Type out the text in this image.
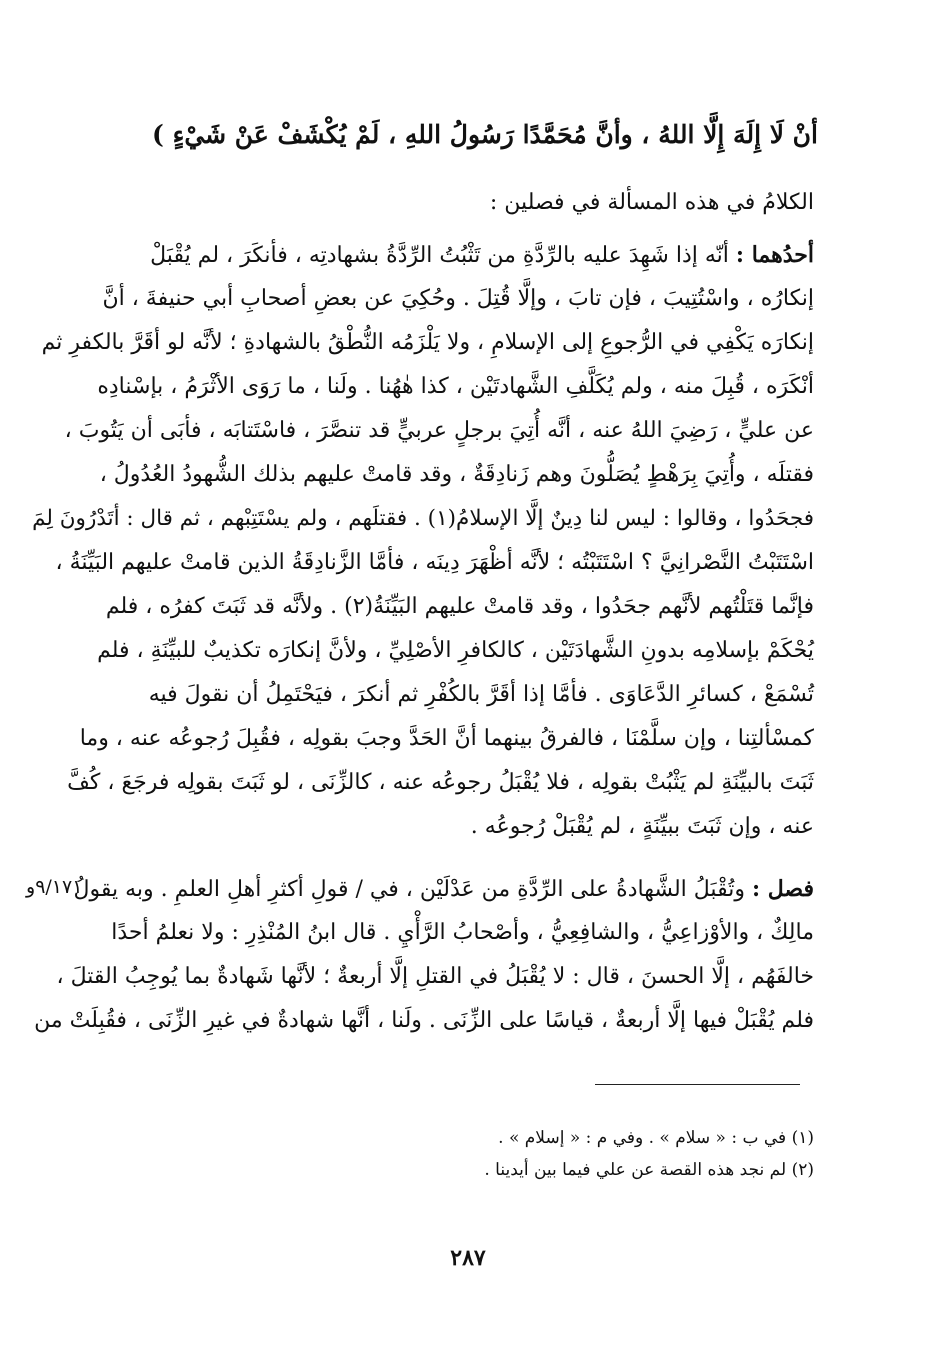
أنْ لَا إِلَهَ إِلَّا اللهُ ، وأنَّ مُحَمَّدًا رَسُولُ اللهِ ، لَمْ يُكْشَفْ عَنْ شَيْءٍ )
الكلامُ في هذه المسألة في فصلين :
أحدُهما : أنّه إذا شَهِدَ عليه بالرِّدَّةِ من تَثْبُتُ الرِّدَّةُ بشهادتِه ، فأنكَرَ ، لم يُقْبَلْ
إنكارُه ، واسْتُتِيبَ ، فإن تابَ ، وإلَّا قُتِلَ . وحُكِيَ عن بعضِ أصحابِ أبي حنيفةَ ، أنَّ
إنكارَه يَكْفِي في الرُّجوعِ إلى الإسلامِ ، ولا يَلْزَمُه النُّطْقُ بالشهادةِ ؛ لأنَّه لو أقَرَّ بالكفرِ ثم
أنْكَرَه ، قُبِلَ منه ، ولم يُكَلَّفِ الشَّهادتَيْن ، كذا هٰهُنا . ولَنا ، ما رَوَى الأثْرَمُ ، بإسْنادِه
عن عليٍّ ، رَضِيَ اللهُ عنه ، أنَّه أُتِيَ برجلٍ عربيٍّ قد تنصَّرَ ، فاسْتَتابَه ، فأبَى أن يَتُوبَ ،
فقتلَه ، وأُتِيَ بِرَهْطٍ يُصَلُّونَ وهم زَنادِقَةٌ ، وقد قامتْ عليهم بذلك الشُّهودُ العُدُولُ ،
فجحَدُوا ، وقالوا : ليس لنا دِينٌ إلَّا الإسلامُ(١) . فقتلَهم ، ولم يسْتَتِبْهم ، ثم قال : أتَدْرُونَ لِمَ
اسْتَتَبْتُ النَّصْرانِيَّ ؟ اسْتَتَبْتُه ؛ لأنَّه أظْهَرَ دِينَه ، فأمَّا الزَّنادِقَةُ الذين قامتْ عليهم البَيِّنَةُ ،
فإنَّما قتَلْتُهم لأنَّهم جحَدُوا ، وقد قامتْ عليهم البَيِّنَةُ(٢) . ولأنَّه قد ثَبَتَ كفرُه ، فلم
يُحْكَمْ بإسلامِه بدونِ الشَّهادَتَيْن ، كالكافرِ الأصْلِيِّ ، ولأنَّ إنكارَه تكذيبٌ للبيِّنَةِ ، فلم
تُسْمَعْ ، كسائرِ الدَّعَاوَى . فأمَّا إذا أقَرَّ بالكُفْرِ ثم أنكرَ ، فيَحْتَمِلُ أن نقولَ فيه
كمسْألتِنا ، وإن سلَّمْنَا ، فالفرقُ بينهما أنَّ الحَدَّ وجبَ بقولِه ، فقُبِلَ رُجوعُه عنه ، وما
ثَبَتَ بالبيِّنَةِ لم يَثْبُتْ بقولِه ، فلا يُقْبَلُ رجوعُه عنه ، كالزِّنَى ، لو ثَبَتَ بقولِه فرجَعَ ، كُفَّ
عنه ، وإن ثَبَتَ ببيِّنَةٍ ، لم يُقْبَلْ رُجوعُه .
فصل : وتُقْبَلُ الشَّهادةُ على الرِّدَّةِ من عَدْلَيْن ، في / قولِ أكثرِ أهلِ العلمِ . وبه يقولُ
مالِكٌ ، والأوْزاعِيُّ ، والشافِعِيُّ ، وأصْحابُ الرَّأْيِ . قال ابنُ المُنْذِرِ : ولا نعلمُ أحدًا
خالفَهُم ، إلَّا الحسنَ ، قال : لا يُقْبَلُ في القتلِ إلَّا أربعةٌ ؛ لأنَّها شَهادةٌ بما يُوجِبُ القتلَ ،
فلم يُقْبَلْ فيها إلَّا أربعةٌ ، قياسًا على الزِّنَى . ولَنا ، أنَّها شهادةٌ في غيرِ الزِّنَى ، فقُبِلَتْ من
٩/١٧١و
(١) في ب : « سلام » . وفي م : « إسلام » .
(٢) لم نجد هذه القصة عن علي فيما بين أيدينا .
٢٨٧
